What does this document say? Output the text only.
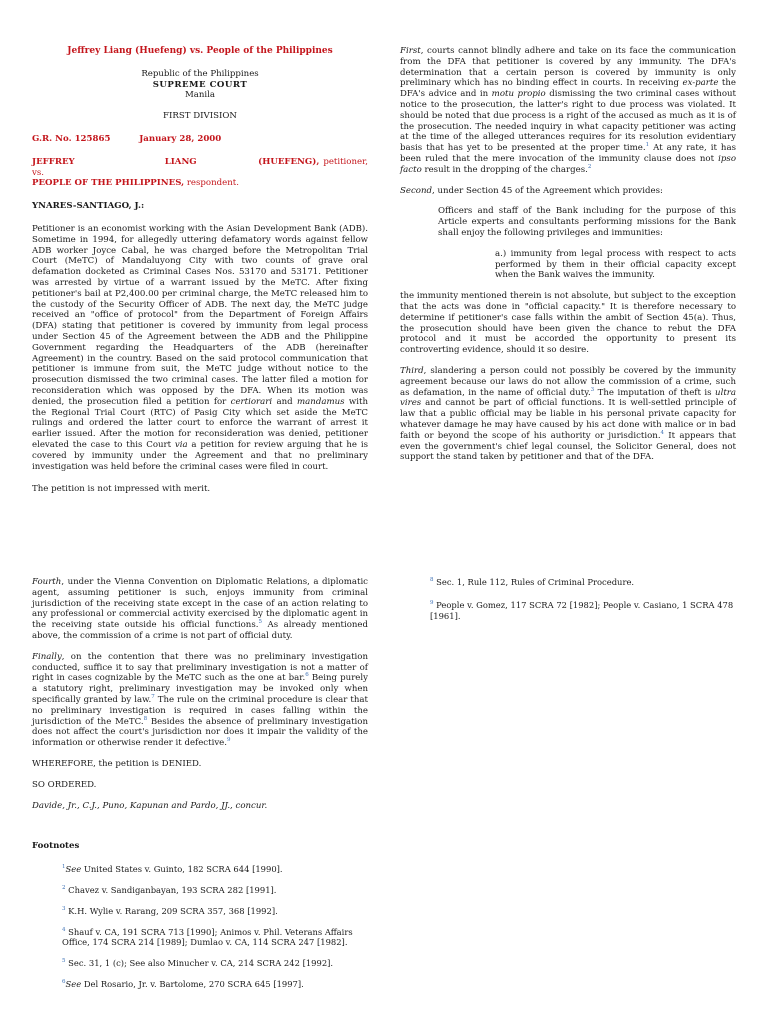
Jeffrey Liang (Huefeng) vs. People of the Philippines
Republic of the Philippines
SUPREME COURT
Manila
FIRST DIVISION
G.R. No. 125865	January 28, 2000
JEFFREY	LIANG	(HUEFENG), petitioner,
vs.
PEOPLE OF THE PHILIPPINES, respondent.
YNARES-SANTIAGO, J.:

Petitioner is an economist working with the Asian Development Bank (ADB). Sometime in 1994, for allegedly uttering defamatory words against fellow ADB worker Joyce Cabal, he was charged before the Metropolitan Trial Court (MeTC) of Mandaluyong City with two counts of grave oral defamation docketed as Criminal Cases Nos. 53170 and 53171. Petitioner was arrested by virtue of a warrant issued by the MeTC. After fixing petitioner's bail at P2,400.00 per criminal charge, the MeTC released him to the custody of the Security Officer of ADB. The next day, the MeTC judge received an "office of protocol" from the Department of Foreign Affairs (DFA) stating that petitioner is covered by immunity from legal process under Section 45 of the Agreement between the ADB and the Philippine Government regarding the Headquarters of the ADB (hereinafter Agreement) in the country. Based on the said protocol communication that petitioner is immune from suit, the MeTC judge without notice to the prosecution dismissed the two criminal cases. The latter filed a motion for reconsideration which was opposed by the DFA. When its motion was denied, the prosecution filed a petition for certiorari and mandamus with the Regional Trial Court (RTC) of Pasig City which set aside the MeTC rulings and ordered the latter court to enforce the warrant of arrest it earlier issued. After the motion for reconsideration was denied, petitioner elevated the case to this Court via a petition for review arguing that he is covered by immunity under the Agreement and that no preliminary investigation was held before the criminal cases were filed in court.

The petition is not impressed with merit.

First, courts cannot blindly adhere and take on its face the communication from the DFA that petitioner is covered by any immunity. The DFA's determination that a certain person is covered by immunity is only preliminary which has no binding effect in courts. In receiving ex-parte the DFA's advice and in motu propio dismissing the two criminal cases without notice to the prosecution, the latter's right to due process was violated. It should be noted that due process is a right of the accused as much as it is of the prosecution. The needed inquiry in what capacity petitioner was acting at the time of the alleged utterances requires for its resolution evidentiary basis that has yet to be presented at the proper time.$^1$ At any rate, it has been ruled that the mere invocation of the immunity clause does not ipso facto result in the dropping of the charges.$^2$

Second, under Section 45 of the Agreement which provides:

Officers and staff of the Bank including for the purpose of this Article experts and consultants performing missions for the Bank shall enjoy the following privileges and immunities:

a.) immunity from legal process with respect to acts performed by them in their official capacity except when the Bank waives the immunity.

the immunity mentioned therein is not absolute, but subject to the exception that the acts was done in "official capacity." It is therefore necessary to determine if petitioner's case falls within the ambit of Section 45(a). Thus, the prosecution should have been given the chance to rebut the DFA protocol and it must be accorded the opportunity to present its controverting evidence, should it so desire.

Third, slandering a person could not possibly be covered by the immunity agreement because our laws do not allow the commission of a crime, such as defamation, in the name of official duty.$^3$ The imputation of theft is ultra vires and cannot be part of official functions. It is well-settled principle of law that a public official may be liable in his personal private capacity for whatever damage he may have caused by his act done with malice or in bad faith or beyond the scope of his authority or jurisdiction.$^4$ It appears that even the government's chief legal counsel, the Solicitor General, does not support the stand taken by petitioner and that of the DFA.

Fourth, under the Vienna Convention on Diplomatic Relations, a diplomatic agent, assuming petitioner is such, enjoys immunity from criminal jurisdiction of the receiving state except in the case of an action relating to any professional or commercial activity exercised by the diplomatic agent in the receiving state outside his official functions.$^5$ As already mentioned above, the commission of a crime is not part of official duty.

Finally, on the contention that there was no preliminary investigation conducted, suffice it to say that preliminary investigation is not a matter of right in cases cognizable by the MeTC such as the one at bar.$^6$ Being purely a statutory right, preliminary investigation may be invoked only when specifically granted by law.$^7$ The rule on the criminal procedure is clear that no preliminary investigation is required in cases falling within the jurisdiction of the MeTC.$^8$ Besides the absence of preliminary investigation does not affect the court's jurisdiction nor does it impair the validity of the information or otherwise render it defective.$^9$

WHEREFORE, the petition is DENIED.

SO ORDERED.

Davide, Jr., C.J., Puno, Kapunan and Pardo, JJ., concur.

Footnotes

$^1$See United States v. Guinto, 182 SCRA 644 [1990].

$^2$ Chavez v. Sandiganbayan, 193 SCRA 282 [1991].

$^3$ K.H. Wylie v. Rarang, 209 SCRA 357, 368 [1992].

$^4$ Shauf v. CA, 191 SCRA 713 [1990]; Animos v. Phil. Veterans Affairs Office, 174 SCRA 214 [1989]; Dumlao v. CA, 114 SCRA 247 [1982].

$^5$ Sec. 31, 1 (c); See also Minucher v. CA, 214 SCRA 242 [1992].

$^6$See Del Rosario, Jr. v. Bartolome, 270 SCRA 645 [1997].

$^8$ Sec. 1, Rule 112, Rules of Criminal Procedure.

$^9$ People v. Gomez, 117 SCRA 72 [1982]; People v. Casiano, 1 SCRA 478 [1961].
